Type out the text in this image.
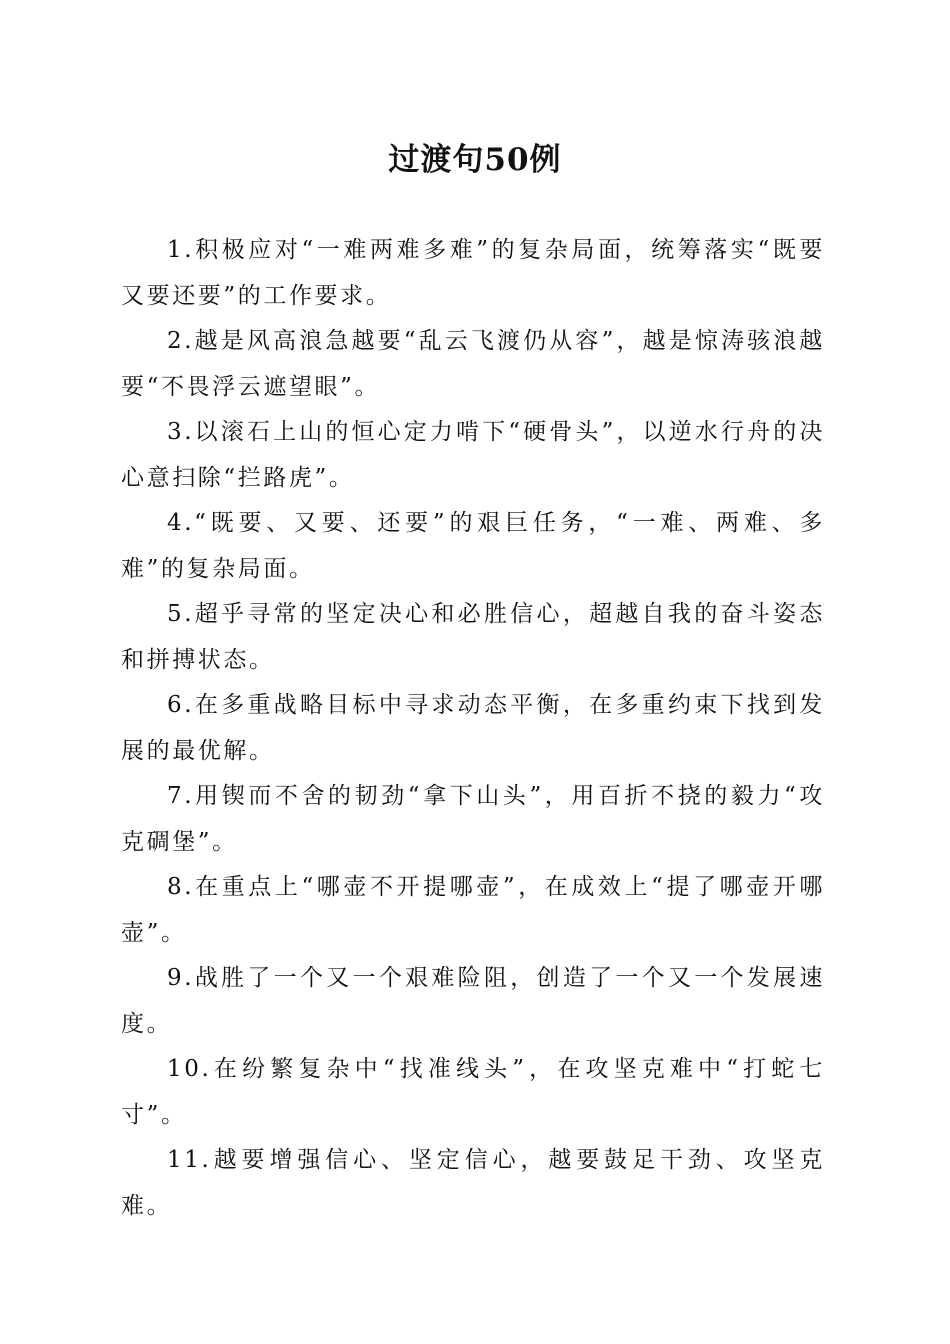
过渡句50例

1.积极应对“一难两难多难”的复杂局面，统筹落实“既要又要还要”的工作要求。

2.越是风高浪急越要“乱云飞渡仍从容”，越是惊涛骇浪越要“不畏浮云遮望眼”。

3.以滚石上山的恒心定力啃下“硬骨头”，以逆水行舟的决心意扫除“拦路虎”。

4.“既要、又要、还要”的艰巨任务，“一难、两难、多难”的复杂局面。

5.超乎寻常的坚定决心和必胜信心，超越自我的奋斗姿态和拼搏状态。

6.在多重战略目标中寻求动态平衡，在多重约束下找到发展的最优解。

7.用锲而不舍的韧劲“拿下山头”，用百折不挠的毅力“攻克碉堡”。

8.在重点上“哪壶不开提哪壶”，在成效上“提了哪壶开哪壶”。

9.战胜了一个又一个艰难险阻，创造了一个又一个发展速度。

10.在纷繁复杂中“找准线头”，在攻坚克难中“打蛇七寸”。

11.越要增强信心、坚定信心，越要鼓足干劲、攻坚克难。
